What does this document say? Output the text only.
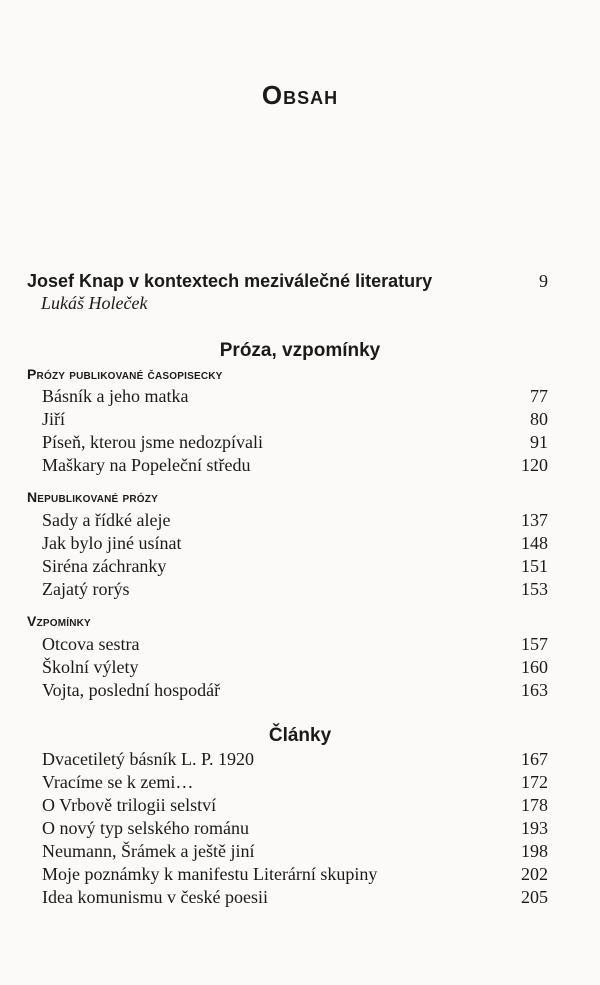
Obsah
Josef Knap v kontextech meziválečné literatury	9
Lukáš Holeček
Próza, vzpomínky
Prózy publikované časopisecky
Básník a jeho matka	77
Jiří	80
Píseň, kterou jsme nedozpívali	91
Maškary na Popeleční středu	120
Nepublikované prózy
Sady a řídké aleje	137
Jak bylo jiné usínat	148
Siréna záchranky	151
Zajatý rorýs	153
Vzpomínky
Otcova sestra	157
Školní výlety	160
Vojta, poslední hospodář	163
Články
Dvacetiletý básník L. P. 1920	167
Vracíme se k zemi…	172
O Vrbově trilogii selství	178
O nový typ selského románu	193
Neumann, Šrámek a ještě jiní	198
Moje poznámky k manifestu Literární skupiny	202
Idea komunismu v české poesii	205
